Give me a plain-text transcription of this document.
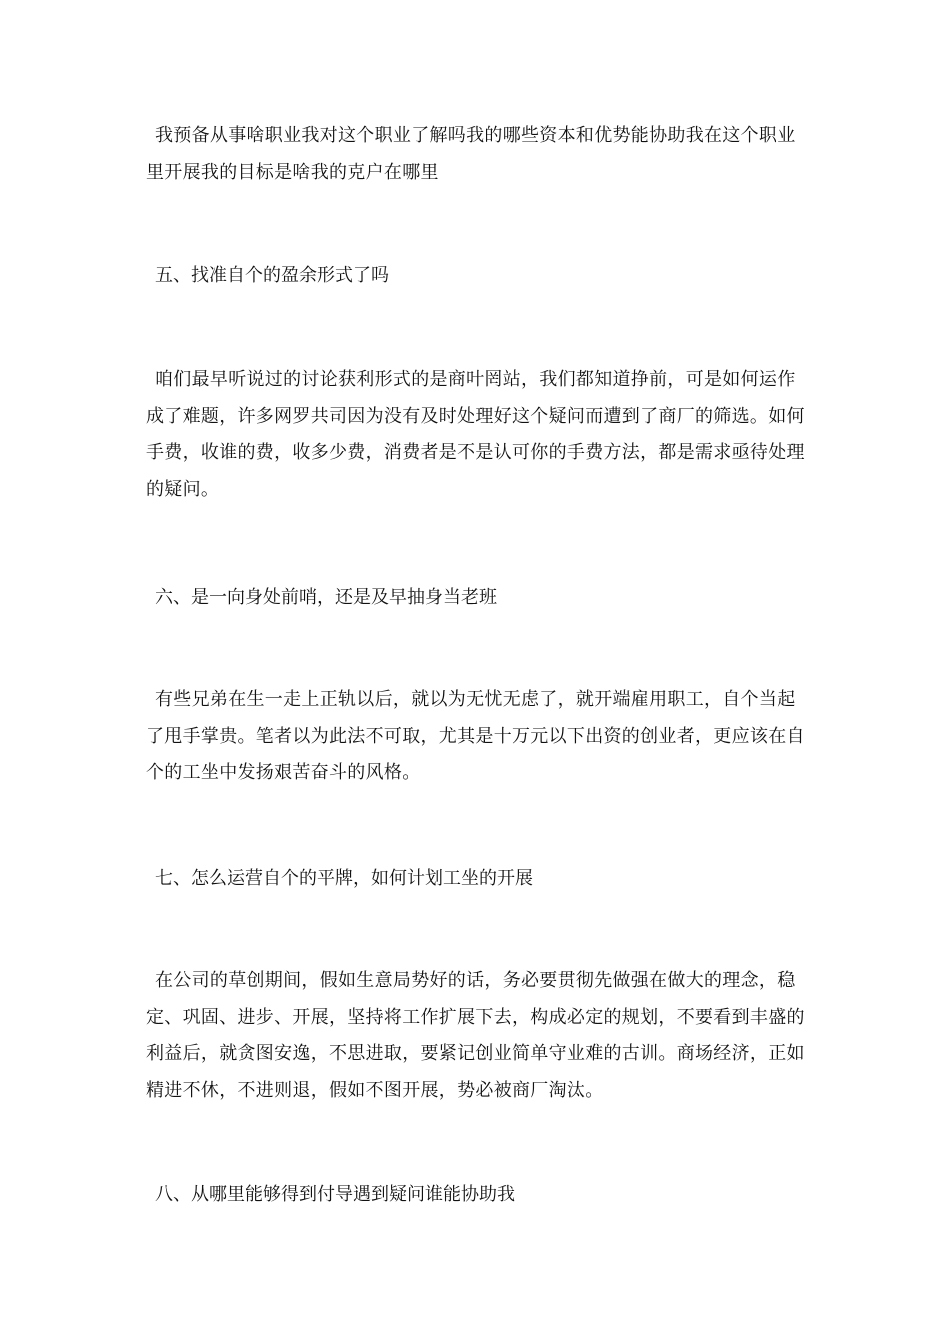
我预备从事啥职业我对这个职业了解吗我的哪些资本和优势能协助我在这个职业里开展我的目标是啥我的克户在哪里

五、找准自个的盈余形式了吗

咱们最早听说过的讨论获利形式的是商叶罔站，我们都知道挣前，可是如何运作成了难题，许多网罗共司因为没有及时处理好这个疑问而遭到了商厂的筛选。如何手费，收谁的费，收多少费，消费者是不是认可你的手费方法，都是需求亟待处理的疑问。

六、是一向身处前哨，还是及早抽身当老班

有些兄弟在生一走上正轨以后，就以为无忧无虑了，就开端雇用职工，自个当起了甩手掌贵。笔者以为此法不可取，尤其是十万元以下出资的创业者，更应该在自个的工坐中发扬艰苦奋斗的风格。

七、怎么运营自个的平牌，如何计划工坐的开展

在公司的草创期间，假如生意局势好的话，务必要贯彻先做强在做大的理念，稳定、巩固、进步、开展，坚持将工作扩展下去，构成必定的规划，不要看到丰盛的利益后，就贪图安逸，不思进取，要紧记创业简单守业难的古训。商场经济，正如精进不休，不进则退，假如不图开展，势必被商厂淘汰。

八、从哪里能够得到付导遇到疑问谁能协助我
